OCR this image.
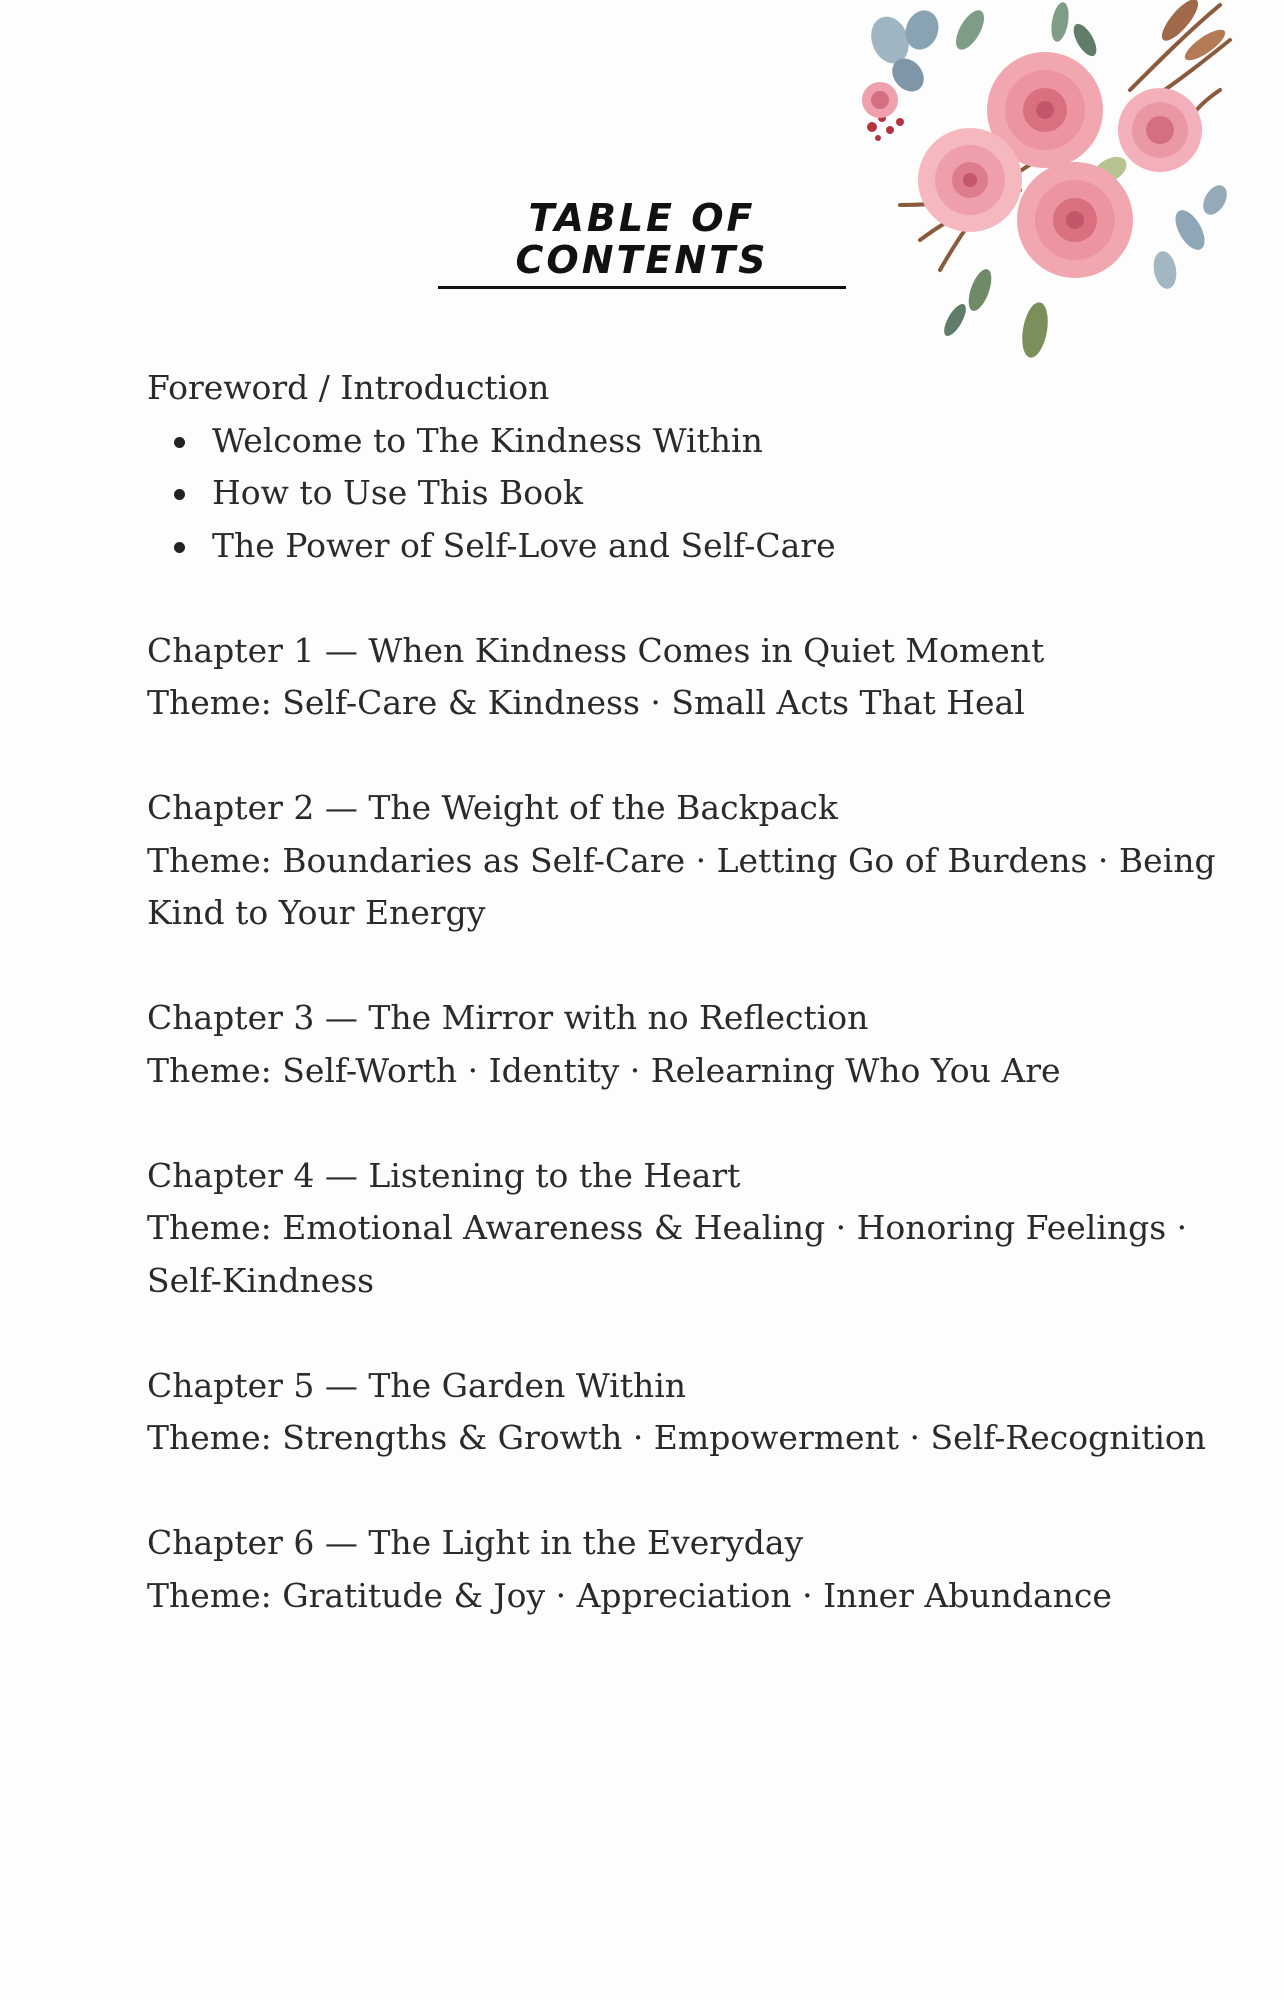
TABLE OF CONTENTS

Foreword / Introduction

Welcome to The Kindness Within
How to Use This Book
The Power of Self-Love and Self-Care

Chapter 1 — When Kindness Comes in Quiet Moment

Theme: Self-Care & Kindness · Small Acts That Heal

Chapter 2 — The Weight of the Backpack

Theme: Boundaries as Self-Care · Letting Go of Burdens · Being

Kind to Your Energy

Chapter 3 — The Mirror with no Reflection

Theme: Self-Worth · Identity · Relearning Who You Are

Chapter 4 — Listening to the Heart

Theme: Emotional Awareness & Healing · Honoring Feelings ·

Self-Kindness

Chapter 5 — The Garden Within

Theme: Strengths & Growth · Empowerment · Self-Recognition

Chapter 6 — The Light in the Everyday

Theme: Gratitude & Joy · Appreciation · Inner Abundance
